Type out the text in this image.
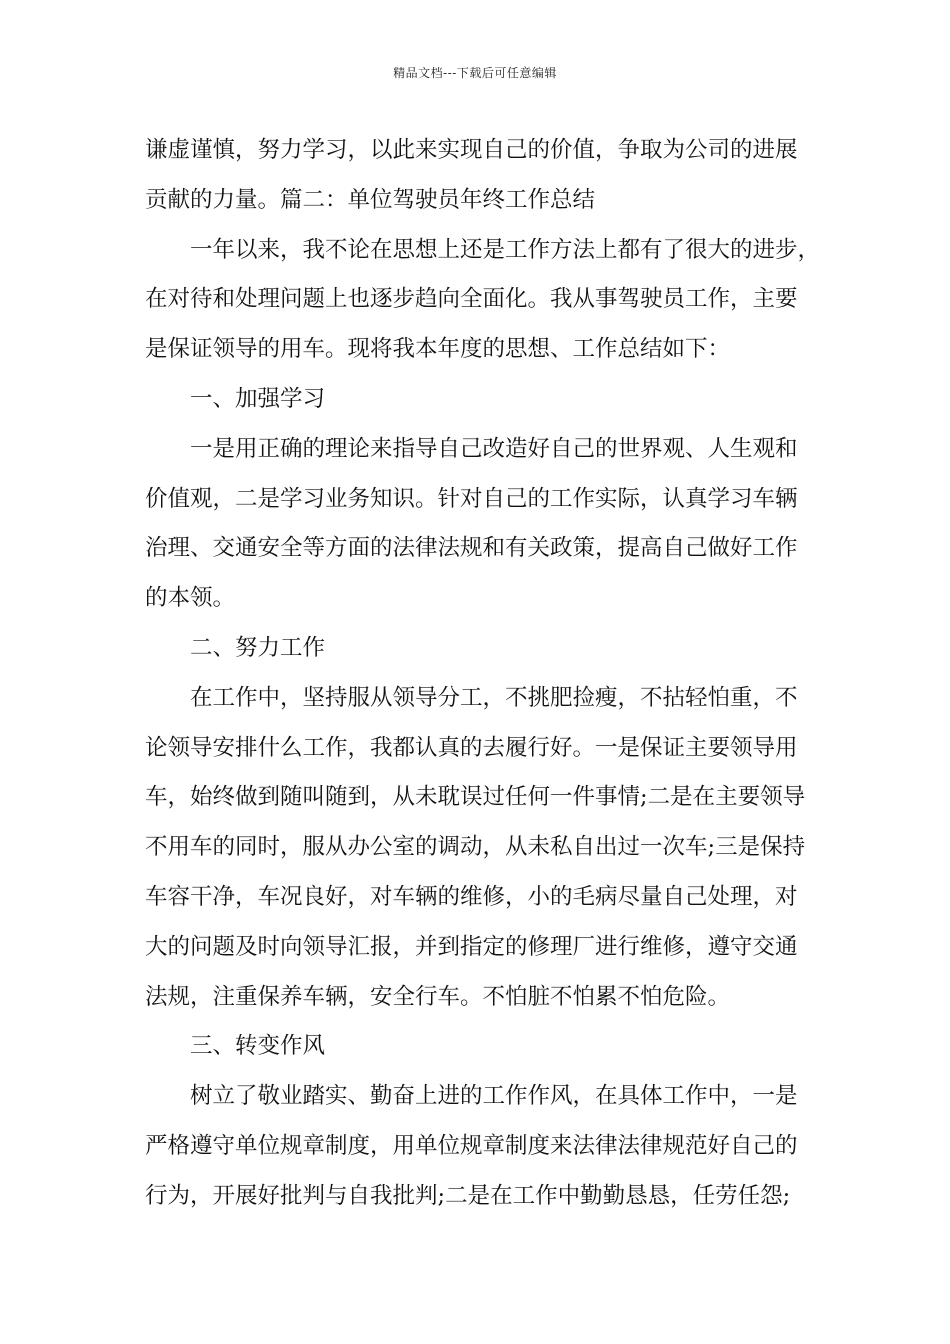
精品文档---下载后可任意编辑
谦虚谨慎，努力学习，以此来实现自己的价值，争取为公司的进展
贡献的力量。篇二：单位驾驶员年终工作总结
一年以来，我不论在思想上还是工作方法上都有了很大的进步，
在对待和处理问题上也逐步趋向全面化。我从事驾驶员工作，主要
是保证领导的用车。现将我本年度的思想、工作总结如下：
一、加强学习
一是用正确的理论来指导自己改造好自己的世界观、人生观和
价值观，二是学习业务知识。针对自己的工作实际，认真学习车辆
治理、交通安全等方面的法律法规和有关政策，提高自己做好工作
的本领。
二、努力工作
在工作中，坚持服从领导分工，不挑肥捡瘦，不拈轻怕重，不
论领导安排什么工作，我都认真的去履行好。一是保证主要领导用
车，始终做到随叫随到，从未耽误过任何一件事情;二是在主要领导
不用车的同时，服从办公室的调动，从未私自出过一次车;三是保持
车容干净，车况良好，对车辆的维修，小的毛病尽量自己处理，对
大的问题及时向领导汇报，并到指定的修理厂进行维修，遵守交通
法规，注重保养车辆，安全行车。不怕脏不怕累不怕危险。
三、转变作风
树立了敬业踏实、勤奋上进的工作作风，在具体工作中，一是
严格遵守单位规章制度，用单位规章制度来法律法律规范好自己的
行为，开展好批判与自我批判;二是在工作中勤勤恳恳，任劳任怨;
